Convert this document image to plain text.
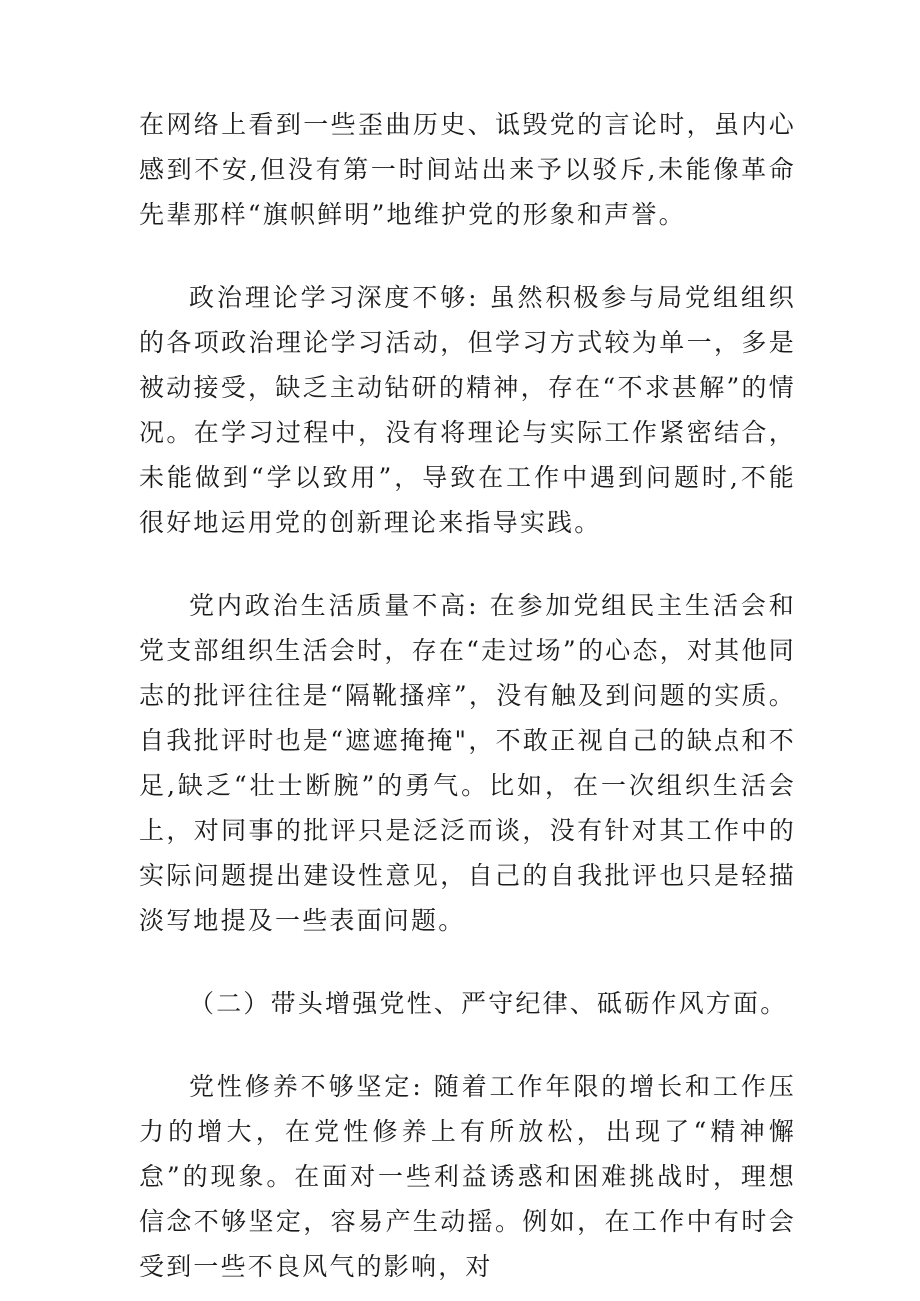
在网络上看到一些歪曲历史、诋毁党的言论时，虽内心感到不安,但没有第一时间站出来予以驳斥,未能像革命先辈那样“旗帜鲜明”地维护党的形象和声誉。

政治理论学习深度不够: 虽然积极参与局党组组织的各项政治理论学习活动，但学习方式较为单一，多是被动接受，缺乏主动钻研的精神，存在“不求甚解”的情况。在学习过程中，没有将理论与实际工作紧密结合，未能做到“学以致用”，导致在工作中遇到问题时,不能很好地运用党的创新理论来指导实践。

党内政治生活质量不高: 在参加党组民主生活会和党支部组织生活会时，存在“走过场”的心态，对其他同志的批评往往是“隔靴搔痒”，没有触及到问题的实质。自我批评时也是“遮遮掩掩"，不敢正视自己的缺点和不足,缺乏“壮士断腕”的勇气。比如，在一次组织生活会上，对同事的批评只是泛泛而谈，没有针对其工作中的实际问题提出建设性意见，自己的自我批评也只是轻描淡写地提及一些表面问题。

（二）带头增强党性、严守纪律、砥砺作风方面。

党性修养不够坚定: 随着工作年限的增长和工作压力的增大，在党性修养上有所放松，出现了“精神懈怠”的现象。在面对一些利益诱惑和困难挑战时，理想信念不够坚定，容易产生动摇。例如，在工作中有时会受到一些不良风气的影响，对
